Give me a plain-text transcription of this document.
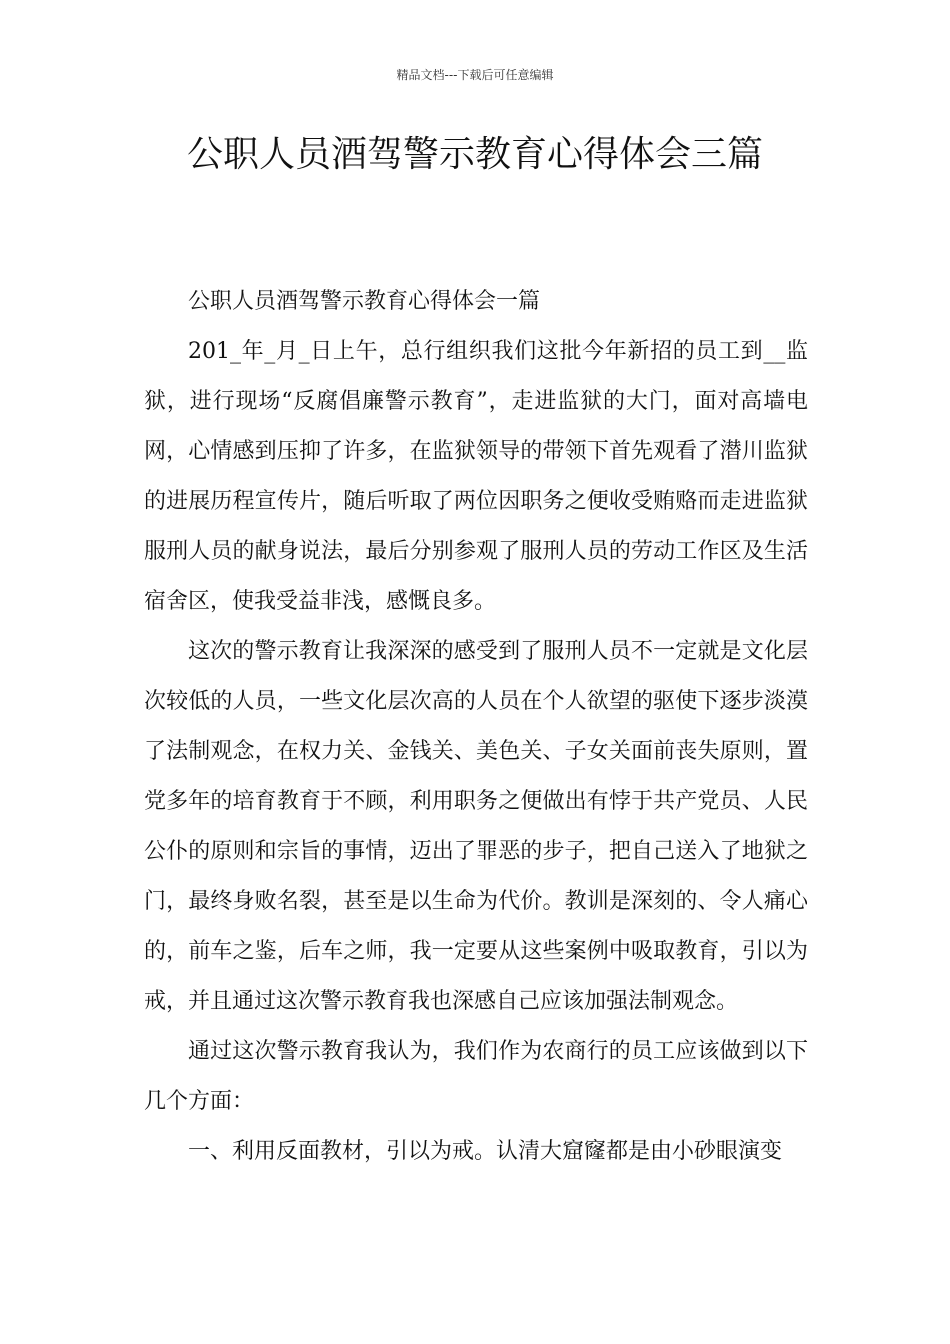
精品文档---下载后可任意编辑
公职人员酒驾警示教育心得体会三篇

公职人员酒驾警示教育心得体会一篇

201_年_月_日上午，总行组织我们这批今年新招的员工到__监狱，进行现场“反腐倡廉警示教育”，走进监狱的大门，面对高墙电网，心情感到压抑了许多，在监狱领导的带领下首先观看了潜川监狱的进展历程宣传片，随后听取了两位因职务之便收受贿赂而走进监狱服刑人员的献身说法，最后分别参观了服刑人员的劳动工作区及生活宿舍区，使我受益非浅，感慨良多。

这次的警示教育让我深深的感受到了服刑人员不一定就是文化层次较低的人员，一些文化层次高的人员在个人欲望的驱使下逐步淡漠了法制观念，在权力关、金钱关、美色关、子女关面前丧失原则，置党多年的培育教育于不顾，利用职务之便做出有悖于共产党员、人民公仆的原则和宗旨的事情，迈出了罪恶的步子，把自己送入了地狱之门，最终身败名裂，甚至是以生命为代价。教训是深刻的、令人痛心的，前车之鉴，后车之师，我一定要从这些案例中吸取教育，引以为戒，并且通过这次警示教育我也深感自己应该加强法制观念。

通过这次警示教育我认为，我们作为农商行的员工应该做到以下几个方面：

一、利用反面教材，引以为戒。认清大窟窿都是由小砂眼演变
